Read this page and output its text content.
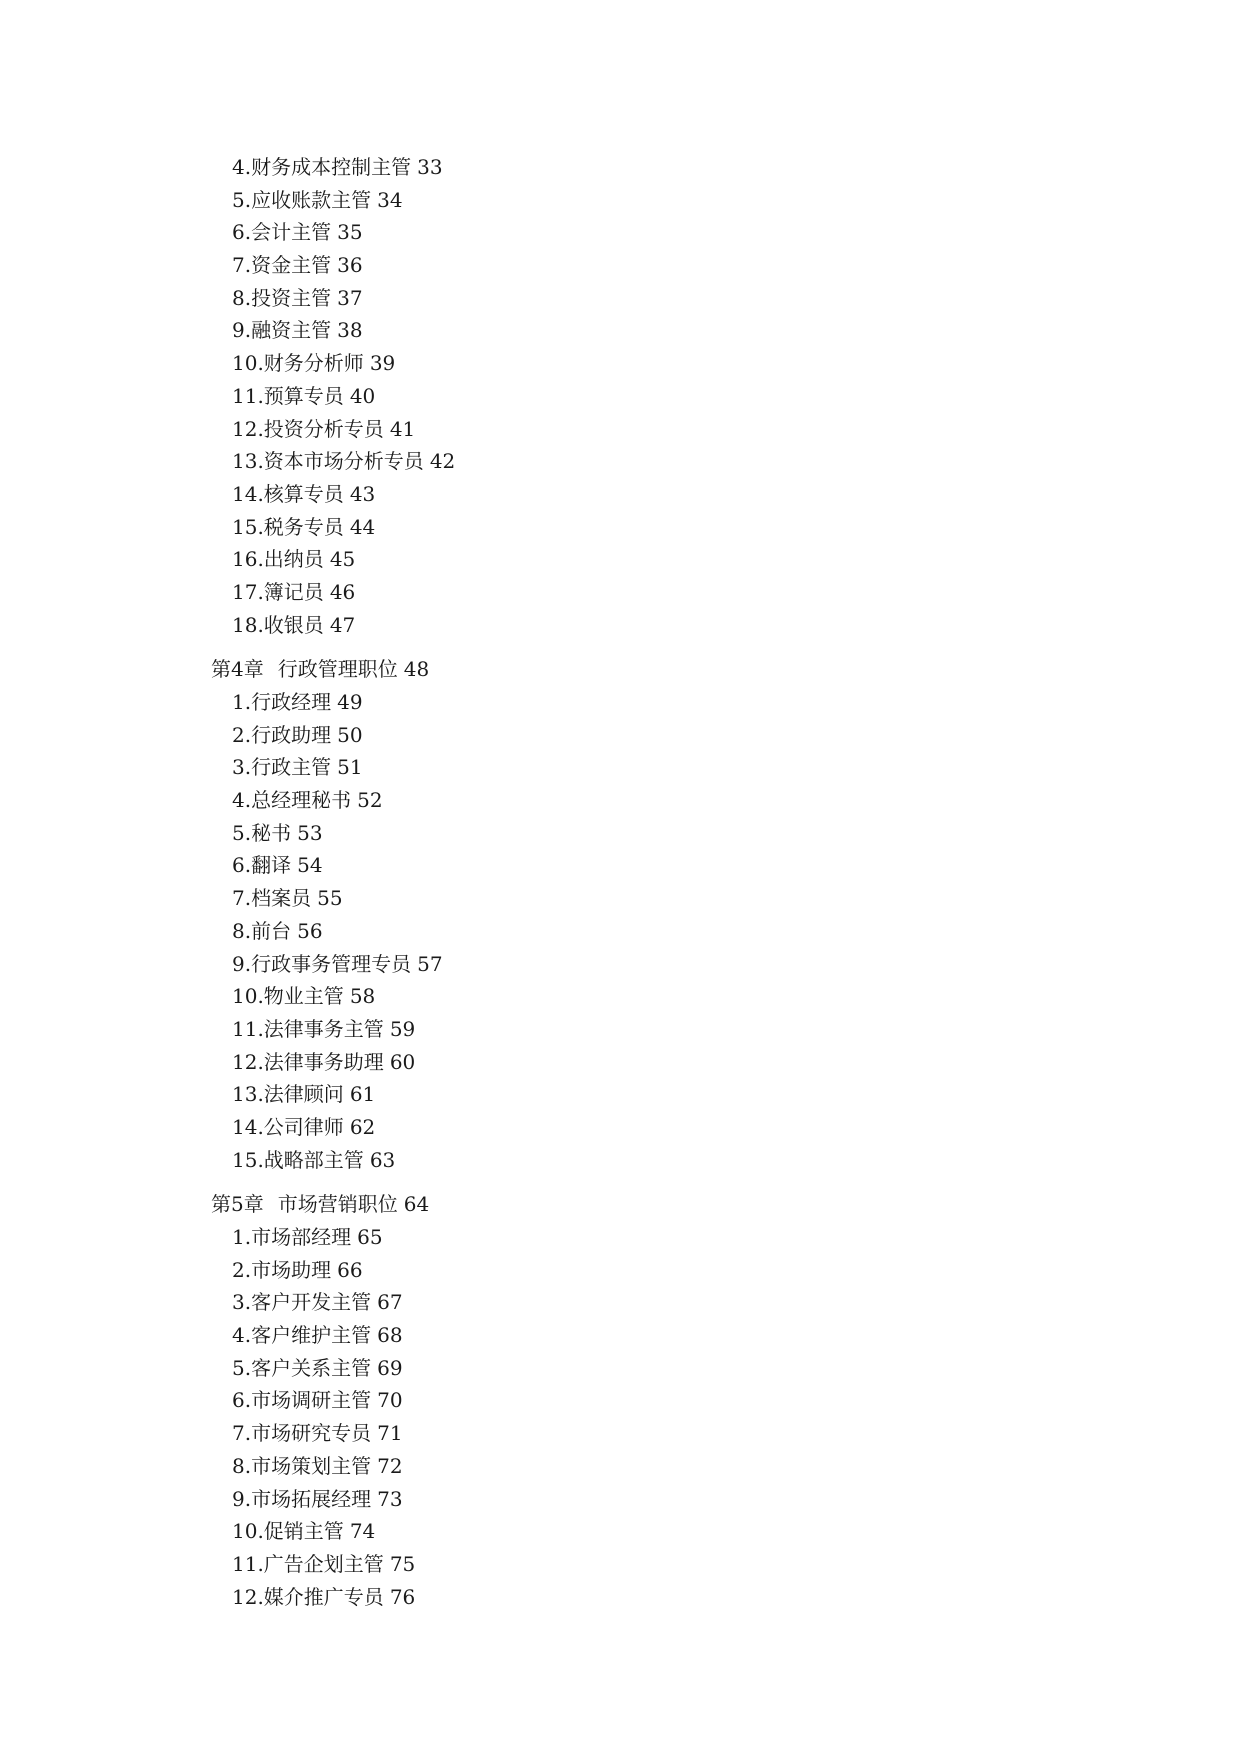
4.财务成本控制主管 33
5.应收账款主管 34
6.会计主管 35
7.资金主管 36
8.投资主管 37
9.融资主管 38
10.财务分析师 39
11.预算专员 40
12.投资分析专员 41
13.资本市场分析专员 42
14.核算专员 43
15.税务专员 44
16.出纳员 45
17.簿记员 46
18.收银员 47
第4章 行政管理职位 48
1.行政经理 49
2.行政助理 50
3.行政主管 51
4.总经理秘书 52
5.秘书 53
6.翻译 54
7.档案员 55
8.前台 56
9.行政事务管理专员 57
10.物业主管 58
11.法律事务主管 59
12.法律事务助理 60
13.法律顾问 61
14.公司律师 62
15.战略部主管 63
第5章 市场营销职位 64
1.市场部经理 65
2.市场助理 66
3.客户开发主管 67
4.客户维护主管 68
5.客户关系主管 69
6.市场调研主管 70
7.市场研究专员 71
8.市场策划主管 72
9.市场拓展经理 73
10.促销主管 74
11.广告企划主管 75
12.媒介推广专员 76
